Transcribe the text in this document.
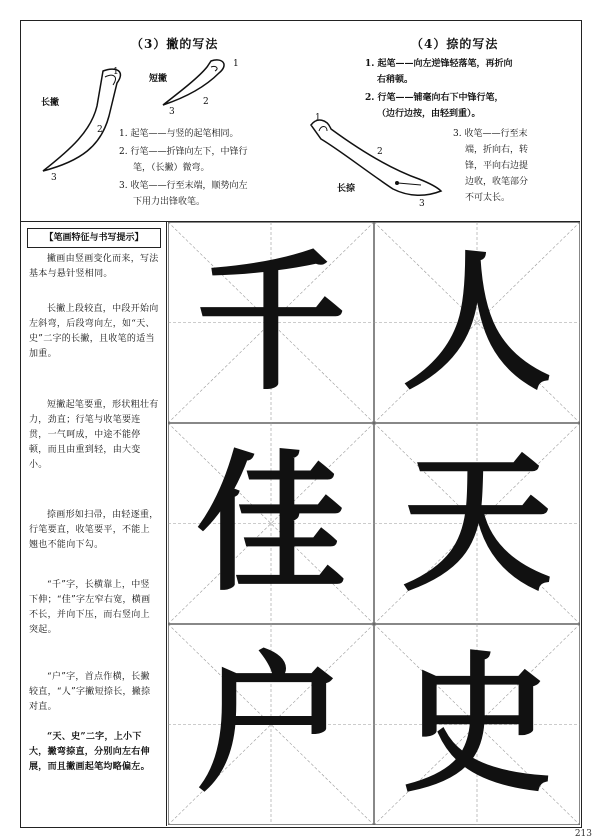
（3）撇的写法	（4）捺的写法
1
2
3
1
2
3
1
2
3
长撇
短撇
长捺
1. 起笔——与竖的起笔相同。
2. 行笔——折锋向左下，中锋行
笔，（长撇）微弯。
3. 收笔——行至末端，顺势向左
下用力出锋收笔。
1. 起笔——向左逆锋轻落笔，再折向
右稍顿。
2. 行笔——铺毫向右下中锋行笔，
（边行边按，由轻到重）。
3. 收笔——行至末
端，折向右，转
锋，平向右边提
边收，收笔部分
不可太长。
【笔画特征与书写提示】
撇画由竖画变化而来，写法基本与悬针竖相同。
长撇上段较直，中段开始向左斜弯，后段弯向左，如“天、史”二字的长撇，且收笔的适当加重。
短撇起笔要重，形状粗壮有力，劲直；行笔与收笔要连贯，一气呵成，中途不能停顿，而且由重到轻，由大变小。
捺画形如扫帚，由轻逐重，行笔要直，收笔要平，不能上翘也不能向下勾。
“千”字，长横靠上，中竖下伸；“佳”字左窄右宽，横画不长，并向下压，而右竖向上突起。
“户”字，首点作横，长撇较直，“人”字撇短捺长，撇捺对直。
“天、史”二字，上小下大，撇弯捺直，分别向左右伸展，而且撇画起笔均略偏左。
千 人
佳 天
户 史
213
